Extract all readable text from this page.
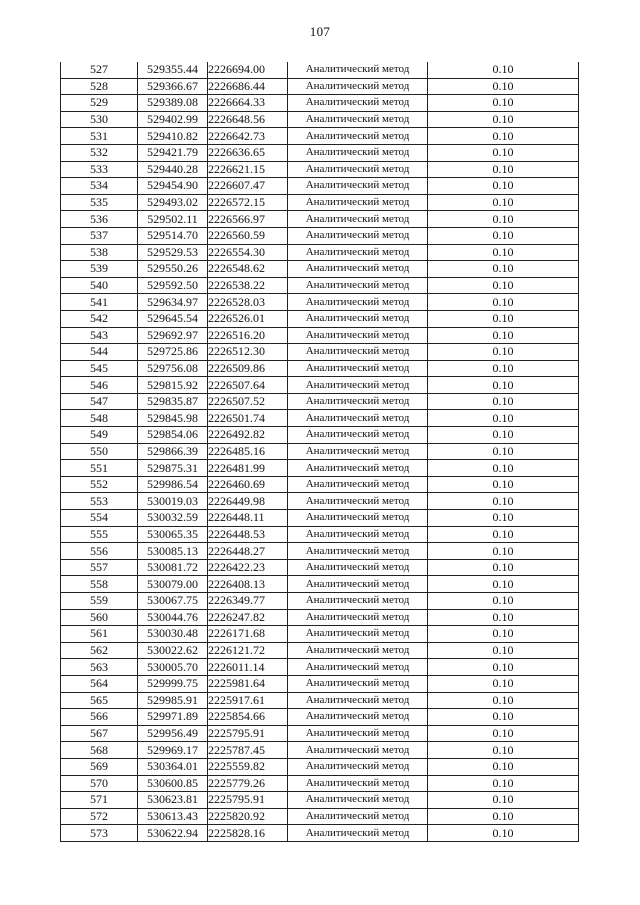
107
527	529355.44	2226694.00	Аналитический метод	0.10
528	529366.67	2226686.44	Аналитический метод	0.10
529	529389.08	2226664.33	Аналитический метод	0.10
530	529402.99	2226648.56	Аналитический метод	0.10
531	529410.82	2226642.73	Аналитический метод	0.10
532	529421.79	2226636.65	Аналитический метод	0.10
533	529440.28	2226621.15	Аналитический метод	0.10
534	529454.90	2226607.47	Аналитический метод	0.10
535	529493.02	2226572.15	Аналитический метод	0.10
536	529502.11	2226566.97	Аналитический метод	0.10
537	529514.70	2226560.59	Аналитический метод	0.10
538	529529.53	2226554.30	Аналитический метод	0.10
539	529550.26	2226548.62	Аналитический метод	0.10
540	529592.50	2226538.22	Аналитический метод	0.10
541	529634.97	2226528.03	Аналитический метод	0.10
542	529645.54	2226526.01	Аналитический метод	0.10
543	529692.97	2226516.20	Аналитический метод	0.10
544	529725.86	2226512.30	Аналитический метод	0.10
545	529756.08	2226509.86	Аналитический метод	0.10
546	529815.92	2226507.64	Аналитический метод	0.10
547	529835.87	2226507.52	Аналитический метод	0.10
548	529845.98	2226501.74	Аналитический метод	0.10
549	529854.06	2226492.82	Аналитический метод	0.10
550	529866.39	2226485.16	Аналитический метод	0.10
551	529875.31	2226481.99	Аналитический метод	0.10
552	529986.54	2226460.69	Аналитический метод	0.10
553	530019.03	2226449.98	Аналитический метод	0.10
554	530032.59	2226448.11	Аналитический метод	0.10
555	530065.35	2226448.53	Аналитический метод	0.10
556	530085.13	2226448.27	Аналитический метод	0.10
557	530081.72	2226422.23	Аналитический метод	0.10
558	530079.00	2226408.13	Аналитический метод	0.10
559	530067.75	2226349.77	Аналитический метод	0.10
560	530044.76	2226247.82	Аналитический метод	0.10
561	530030.48	2226171.68	Аналитический метод	0.10
562	530022.62	2226121.72	Аналитический метод	0.10
563	530005.70	2226011.14	Аналитический метод	0.10
564	529999.75	2225981.64	Аналитический метод	0.10
565	529985.91	2225917.61	Аналитический метод	0.10
566	529971.89	2225854.66	Аналитический метод	0.10
567	529956.49	2225795.91	Аналитический метод	0.10
568	529969.17	2225787.45	Аналитический метод	0.10
569	530364.01	2225559.82	Аналитический метод	0.10
570	530600.85	2225779.26	Аналитический метод	0.10
571	530623.81	2225795.91	Аналитический метод	0.10
572	530613.43	2225820.92	Аналитический метод	0.10
573	530622.94	2225828.16	Аналитический метод	0.10
